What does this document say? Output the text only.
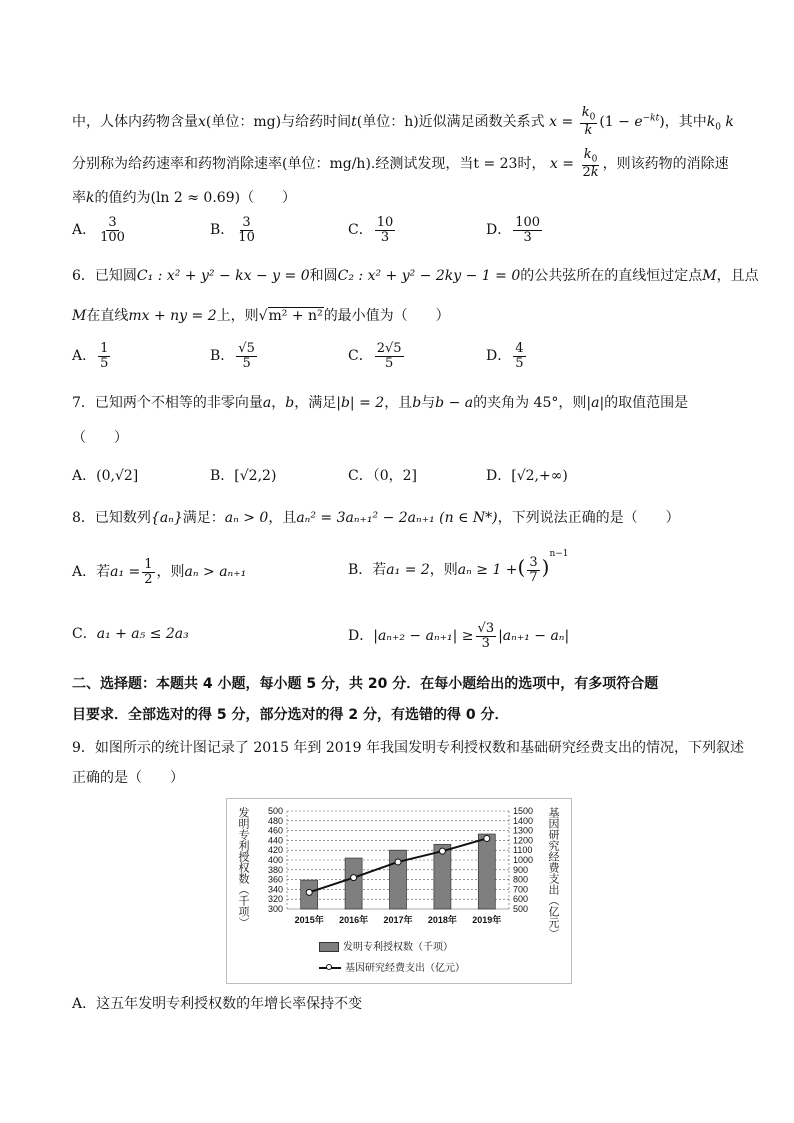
中，人体内药物含量x(单位：mg)与给药时间t(单位：h)近似满足函数关系式 $x = \frac{k_0}{k} (1 - e^{-kt})$，其中$k_0$ k
分别称为给药速率和药物消除速率(单位：mg/h).经测试发现，当t = 23时， $x = \frac{k_0}{2k}$ ，则该药物的消除速
率k的值约为(ln 2 ≈ 0.69)（　　）
A． $\frac{3}{100}$	B． $\frac{3}{10}$	C． $\frac{10}{3}$	D． $\frac{100}{3}$
6．已知圆C₁ : x² + y² − kx − y = 0和圆C₂ : x² + y² − 2ky − 1 = 0的公共弦所在的直线恒过定点M，且点
M在直线mx + ny = 2上，则√m² + n²的最小值为（　　）
A． $\frac{1}{5}$	B． $\frac{√5}{5}$	C． $\frac{2√5}{5}$	D． $\frac{4}{5}$
7．已知两个不相等的非零向量a，b，满足|b| = 2，且b与b − a的夹角为 45°，则|a|的取值范围是
（　　）
A．(0,√2]	B．[√2,2)	C．（0，2]	D．[√2,+∞)
8．已知数列{aₙ}满足：aₙ > 0，且aₙ² = 3aₙ₊₁² − 2aₙ₊₁ (n ∈ N*)，下列说法正确的是（　　）
A．若$a_1 = \frac{1}{2}$ ，则aₙ > aₙ₊₁	B．若a₁ = 2，则aₙ ≥ 1 +( $\frac{3}{7} )^{n-1}$
C．a₁ + a₅ ≤ 2a₃	D．$|a_{n+2} - a_{n+1}| \ge \frac{√3}{3} |a_{n+1} - a_n|$
二、选择题：本题共 4 小题，每小题 5 分，共 20 分．在每小题给出的选项中，有多项符合题
目要求．全部选对的得 5 分，部分选对的得 2 分，有选错的得 0 分．
9．如图所示的统计图记录了 2015 年到 2019 年我国发明专利授权数和基础研究经费支出的情况，下列叙述
正确的是（　　）
300
320
340
360
380
400
420
440
460
480
500
500
600
700
800
900
1000
1100
1200
1300
1400
1500
2015年 2016年 2017年 2018年 2019年
发明专利授权数（千项）	基因研究经费支出（亿元）
发明专利授权数（千项）
基因研究经费支出（亿元）
A．这五年发明专利授权数的年增长率保持不变
